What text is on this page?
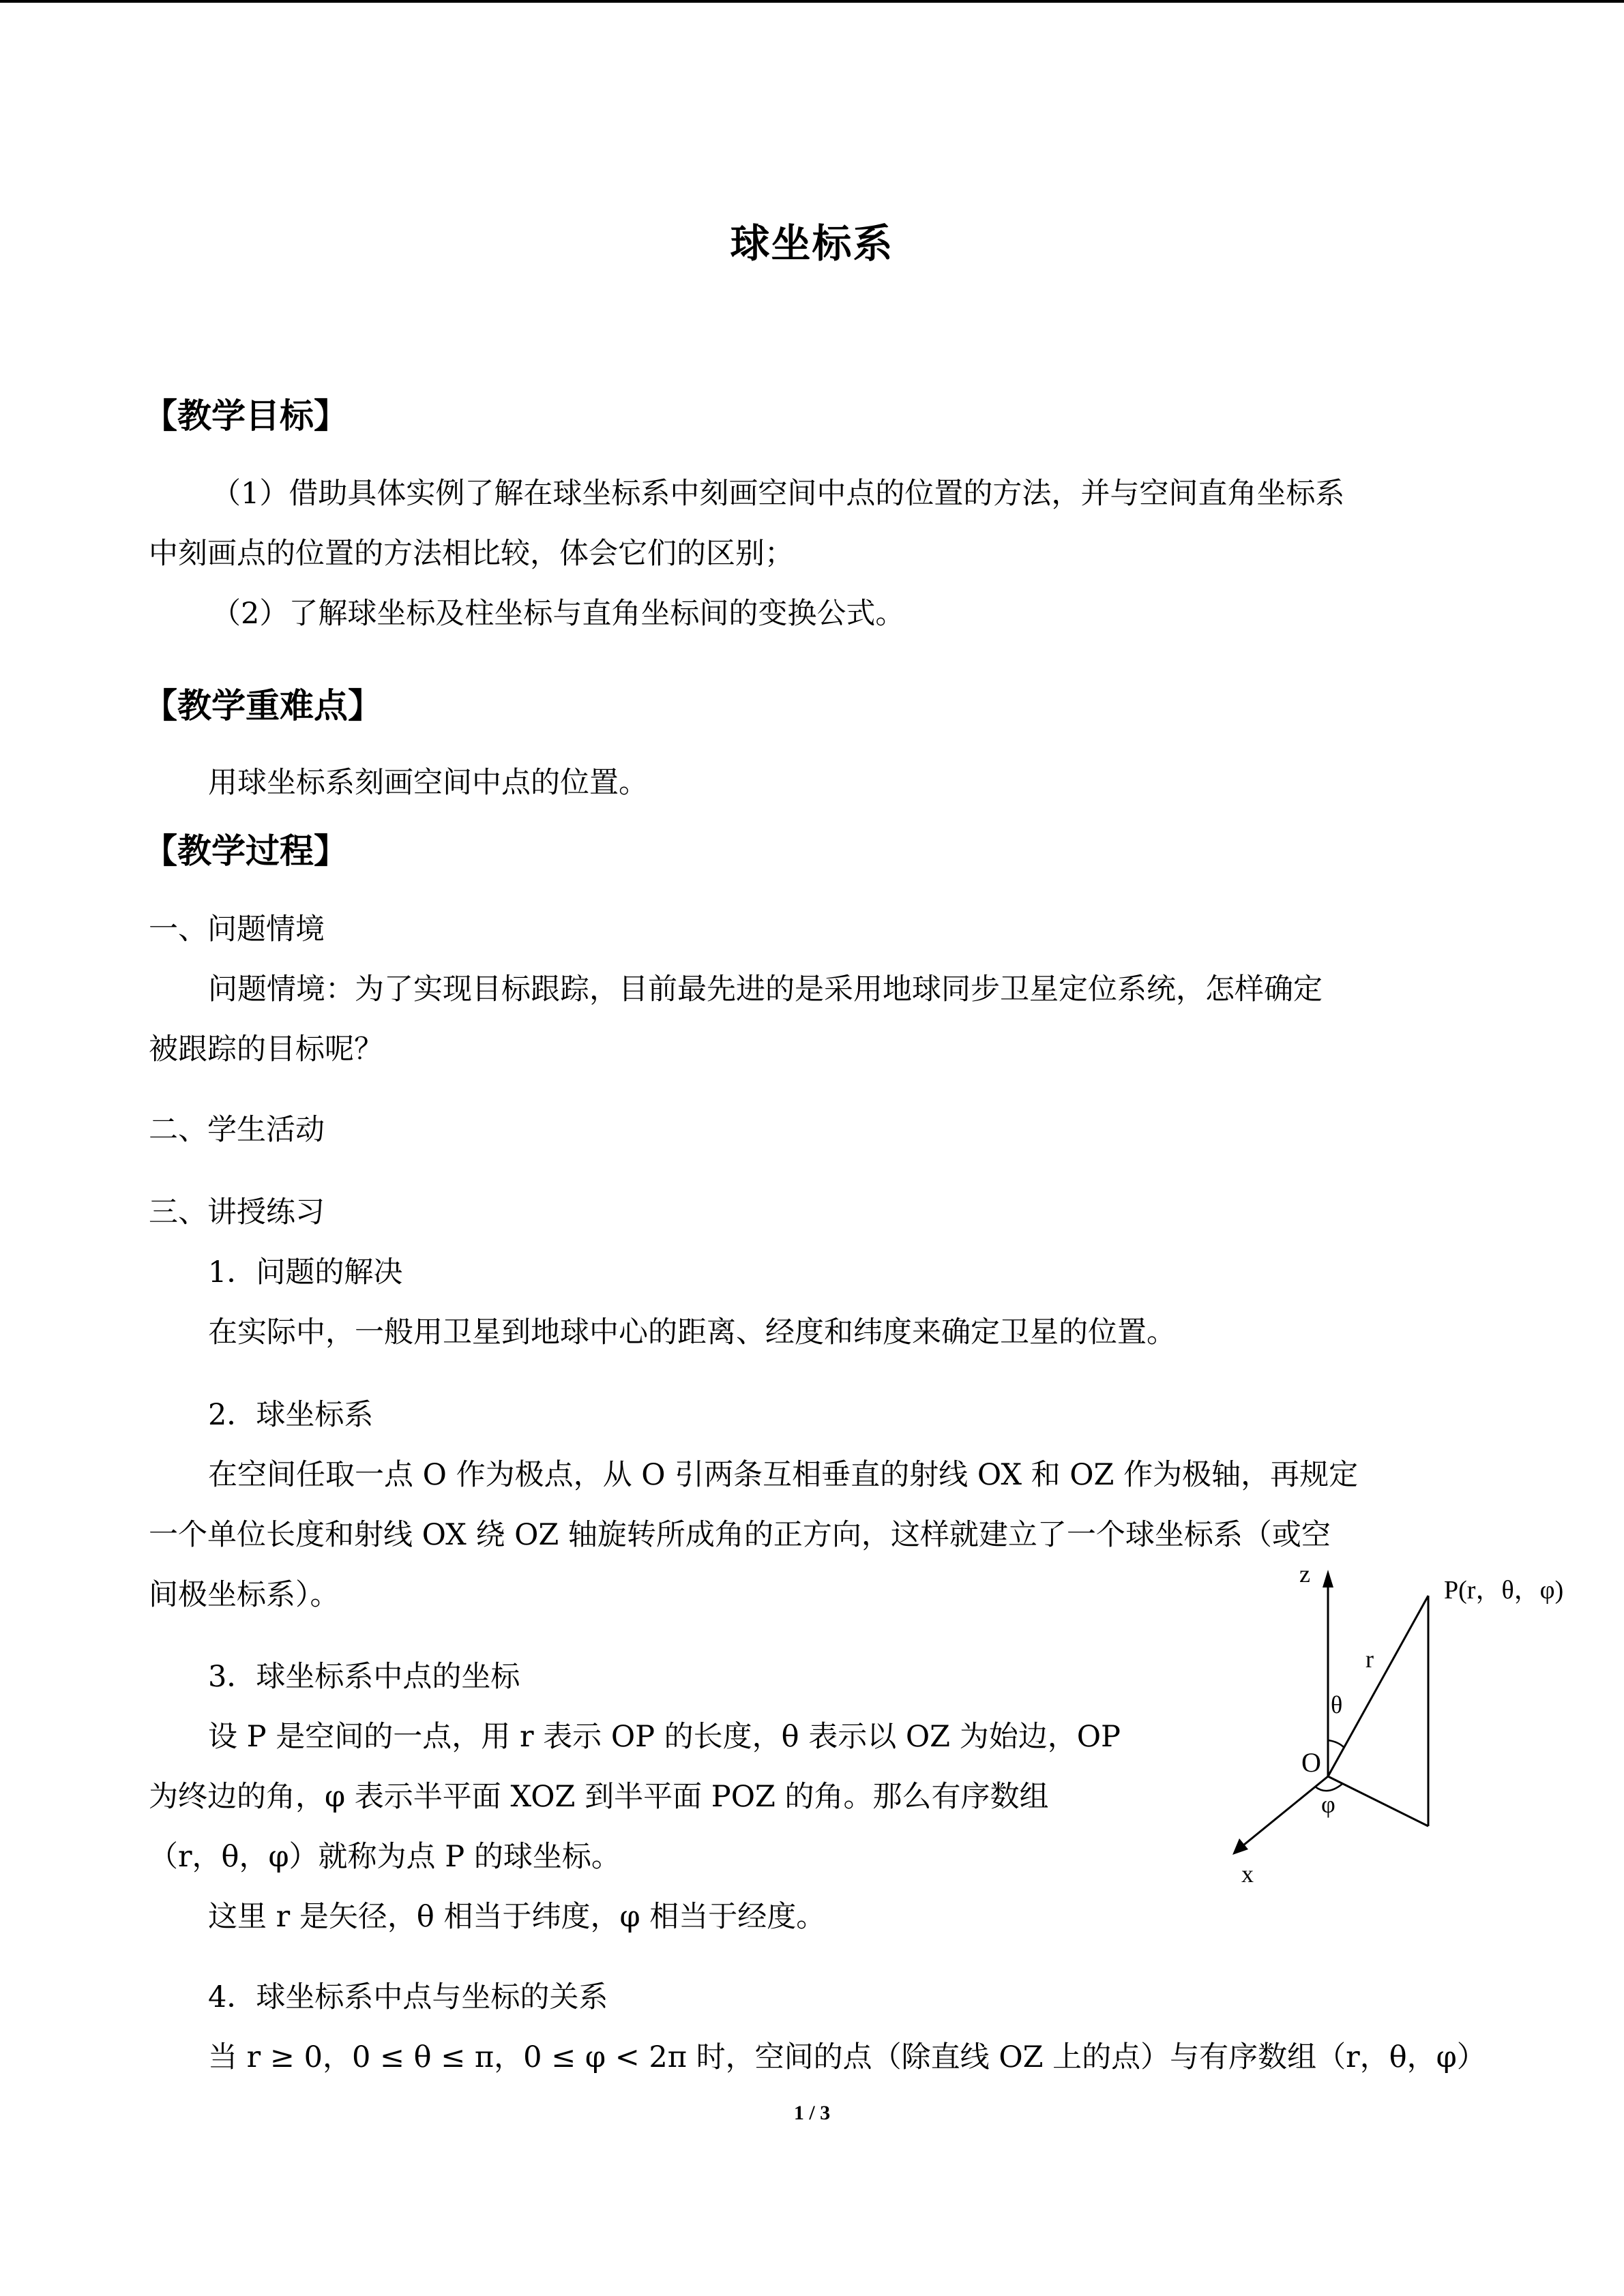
球坐标系
【教学目标】
（1）借助具体实例了解在球坐标系中刻画空间中点的位置的方法，并与空间直角坐标系
中刻画点的位置的方法相比较，体会它们的区别；
（2）了解球坐标及柱坐标与直角坐标间的变换公式。
【教学重难点】
用球坐标系刻画空间中点的位置。
【教学过程】
一、问题情境
问题情境：为了实现目标跟踪，目前最先进的是采用地球同步卫星定位系统，怎样确定
被跟踪的目标呢？
二、学生活动
三、讲授练习
1．问题的解决
在实际中，一般用卫星到地球中心的距离、经度和纬度来确定卫星的位置。
2．球坐标系
在空间任取一点 O 作为极点，从 O 引两条互相垂直的射线 OX 和 OZ 作为极轴，再规定
一个单位长度和射线 OX 绕 OZ 轴旋转所成角的正方向，这样就建立了一个球坐标系（或空
间极坐标系）。
3．球坐标系中点的坐标
设 P 是空间的一点，用 r 表示 OP 的长度，θ 表示以 OZ 为始边，OP
为终边的角，φ 表示半平面 XOZ 到半平面 POZ 的角。那么有序数组
（r，θ，φ）就称为点 P 的球坐标。
这里 r 是矢径，θ 相当于纬度，φ 相当于经度。
4．球坐标系中点与坐标的关系
当 r ≥ 0，0 ≤ θ ≤ π，0 ≤ φ < 2π 时，空间的点（除直线 OZ 上的点）与有序数组（r，θ，φ）
z
x
O
r
θ
φ
P(r，θ，φ)
1 / 3
